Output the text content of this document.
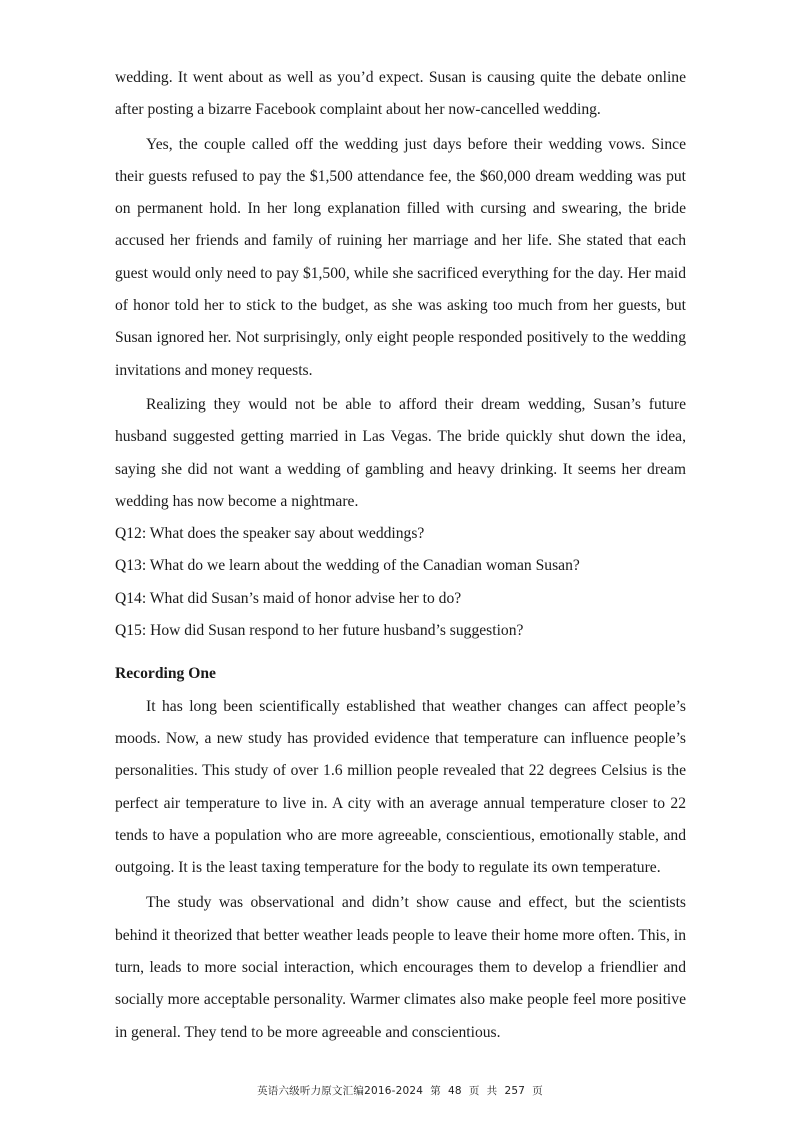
wedding. It went about as well as you’d expect. Susan is causing quite the debate online after posting a bizarre Facebook complaint about her now-cancelled wedding.

Yes, the couple called off the wedding just days before their wedding vows. Since their guests refused to pay the $1,500 attendance fee, the $60,000 dream wedding was put on permanent hold. In her long explanation filled with cursing and swearing, the bride accused her friends and family of ruining her marriage and her life. She stated that each guest would only need to pay $1,500, while she sacrificed everything for the day. Her maid of honor told her to stick to the budget, as she was asking too much from her guests, but Susan ignored her. Not surprisingly, only eight people responded positively to the wedding invitations and money requests.

Realizing they would not be able to afford their dream wedding, Susan’s future husband suggested getting married in Las Vegas. The bride quickly shut down the idea, saying she did not want a wedding of gambling and heavy drinking. It seems her dream wedding has now become a nightmare.

Q12: What does the speaker say about weddings?

Q13: What do we learn about the wedding of the Canadian woman Susan?

Q14: What did Susan’s maid of honor advise her to do?

Q15: How did Susan respond to her future husband’s suggestion?

Recording One

It has long been scientifically established that weather changes can affect people’s moods. Now, a new study has provided evidence that temperature can influence people’s personalities. This study of over 1.6 million people revealed that 22 degrees Celsius is the perfect air temperature to live in. A city with an average annual temperature closer to 22 tends to have a population who are more agreeable, conscientious, emotionally stable, and outgoing. It is the least taxing temperature for the body to regulate its own temperature.

The study was observational and didn’t show cause and effect, but the scientists behind it theorized that better weather leads people to leave their home more often. This, in turn, leads to more social interaction, which encourages them to develop a friendlier and socially more acceptable personality. Warmer climates also make people feel more positive in general. They tend to be more agreeable and conscientious.

英语六级听力原文汇编2016-2024 第 48 页 共 257 页
